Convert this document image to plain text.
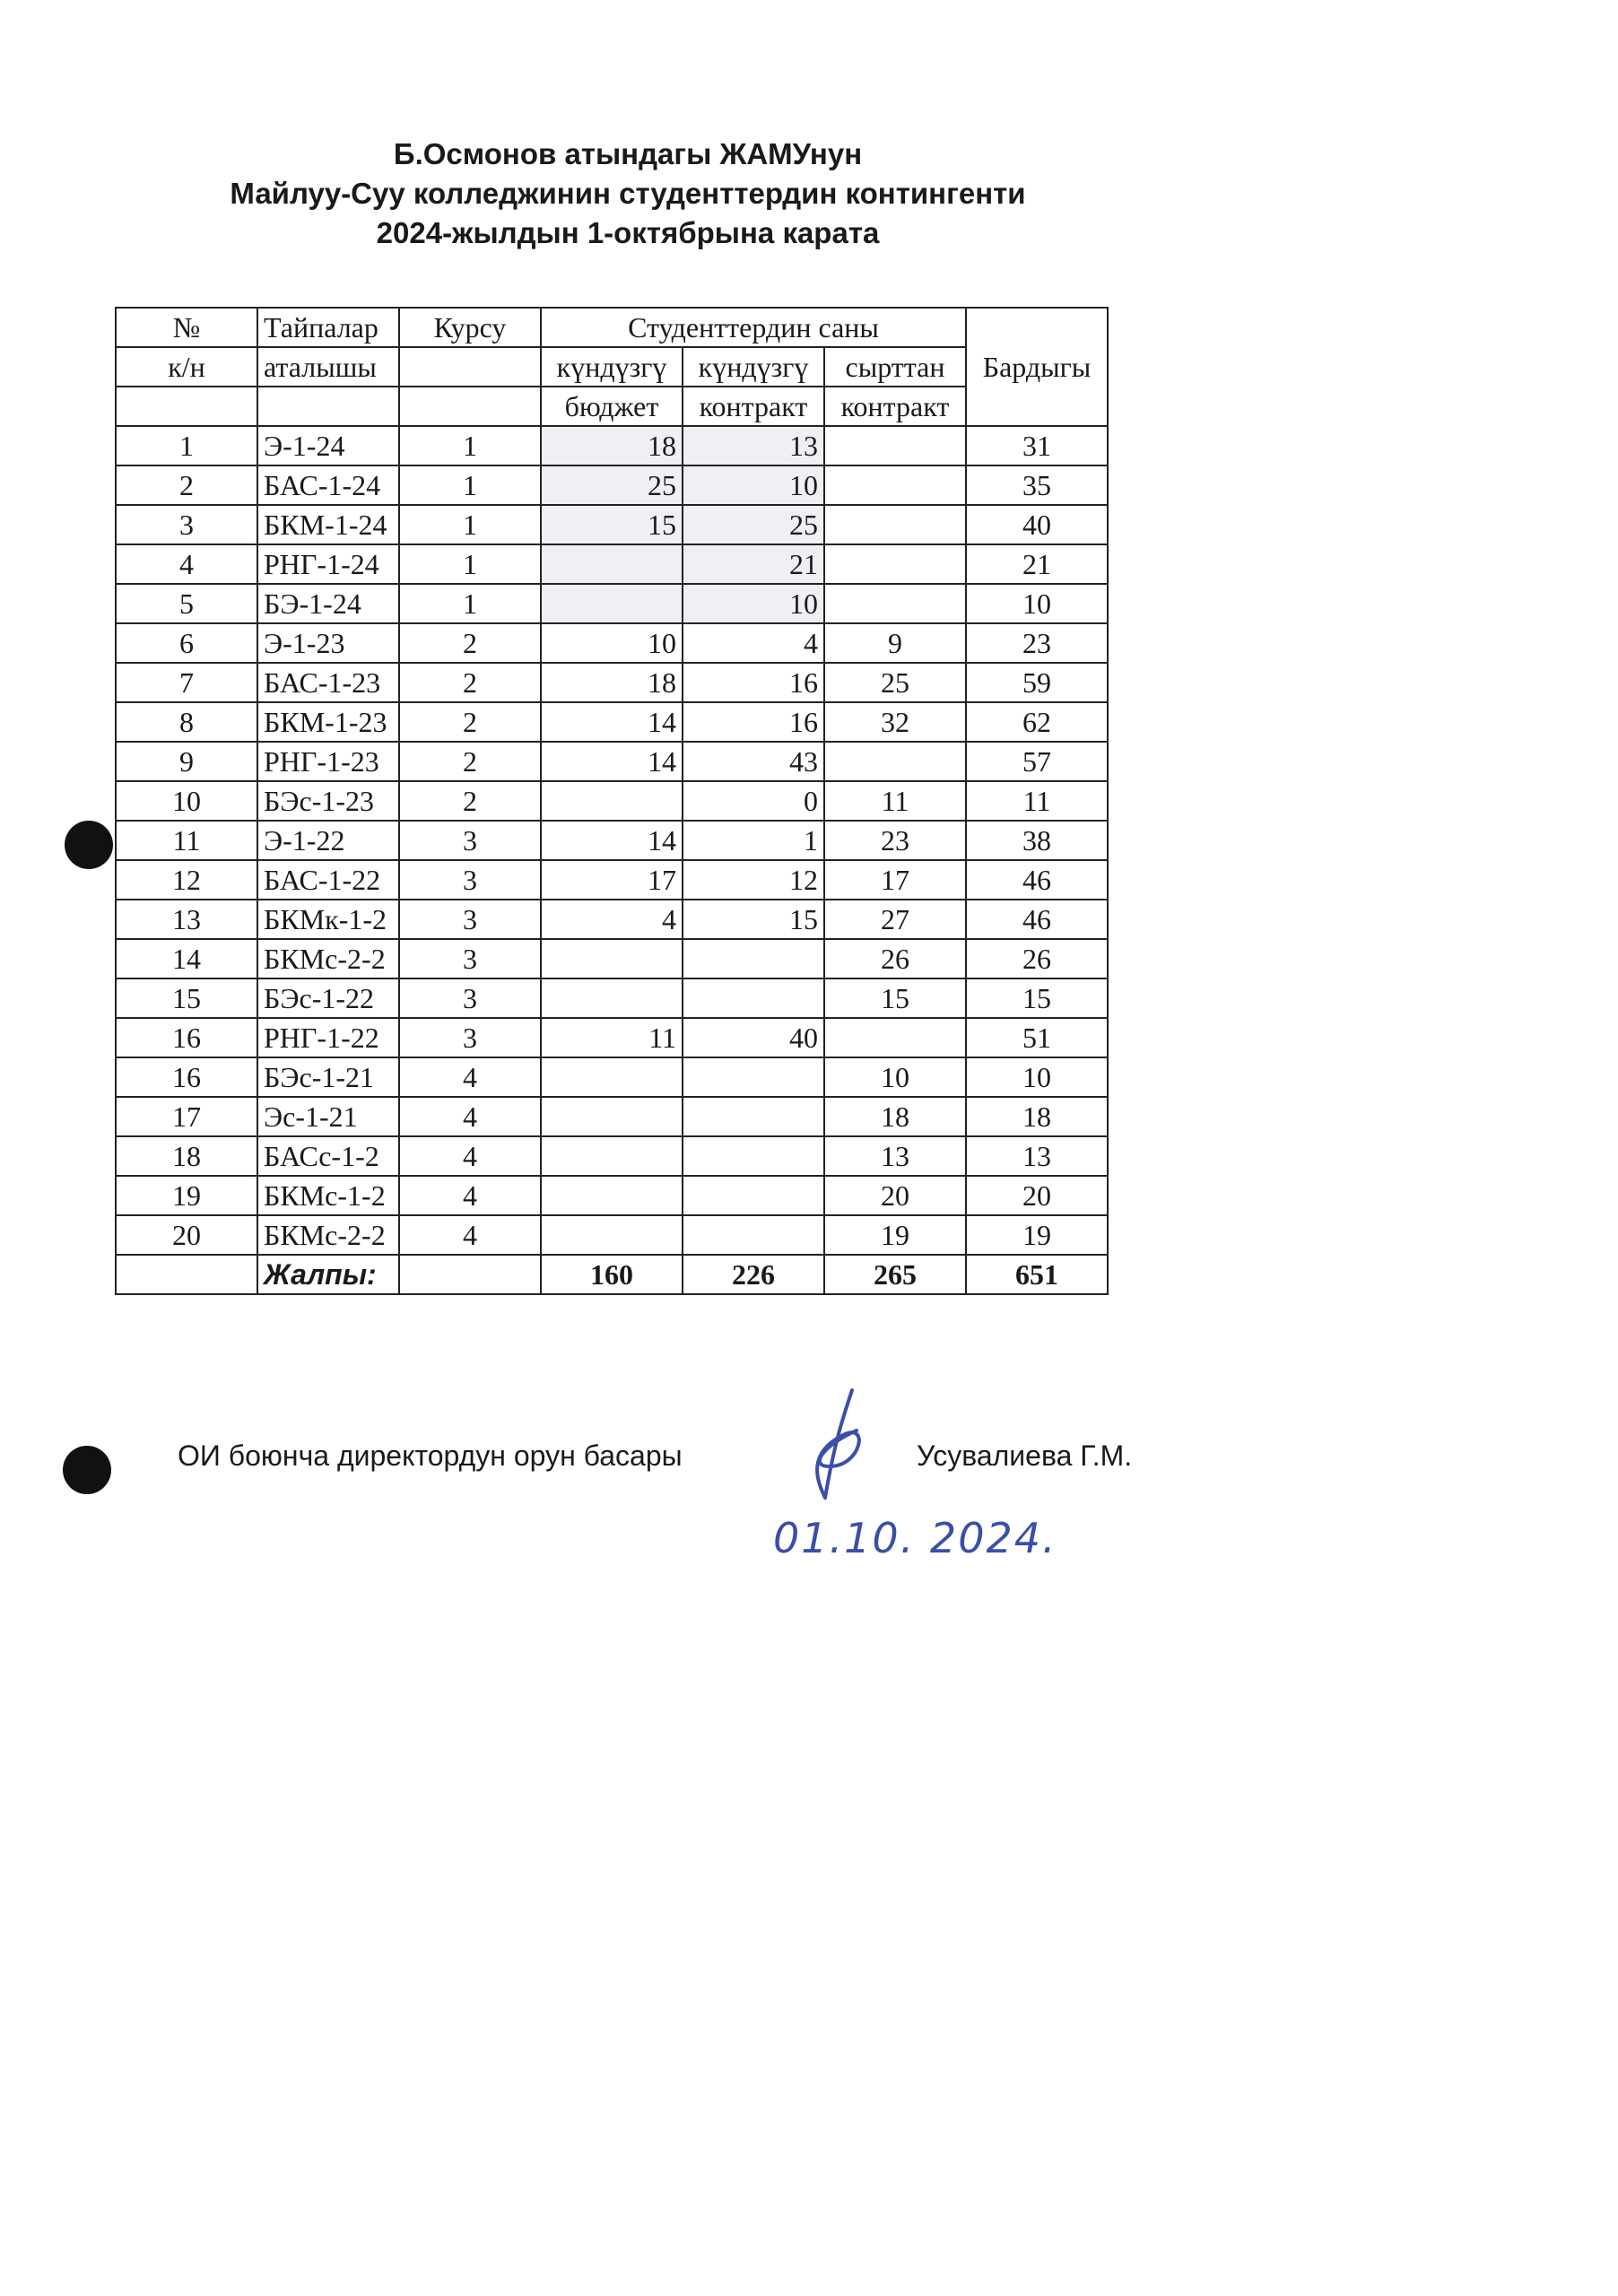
Б.Осмонов атындагы ЖАМУнун
Майлуу-Суу колледжинин студенттердин контингенти
2024-жылдын 1-октябрына карата
№	Тайпалар	Курсу	Студенттердин саны			Бардыгы
к/н	аталышы		күндүзгү	күндүзгү	сырттан	
			бюджет	контракт	контракт	
1	Э-1-24	1	18	13		31
2	БАС-1-24	1	25	10		35
3	БКМ-1-24	1	15	25		40
4	РНГ-1-24	1		21		21
5	БЭ-1-24	1		10		10
6	Э-1-23	2	10	4	9	23
7	БАС-1-23	2	18	16	25	59
8	БКМ-1-23	2	14	16	32	62
9	РНГ-1-23	2	14	43		57
10	БЭс-1-23	2		0	11	11
11	Э-1-22	3	14	1	23	38
12	БАС-1-22	3	17	12	17	46
13	БКМк-1-2	3	4	15	27	46
14	БКМс-2-2	3			26	26
15	БЭс-1-22	3			15	15
16	РНГ-1-22	3	11	40		51
16	БЭс-1-21	4			10	10
17	Эс-1-21	4			18	18
18	БАСс-1-2	4			13	13
19	БКМс-1-2	4			20	20
20	БКМс-2-2	4			19	19
	Жалпы:		160	226	265	651
ОИ боюнча директордун орун басары	Усувалиева Г.М.
01.10. 2024.
